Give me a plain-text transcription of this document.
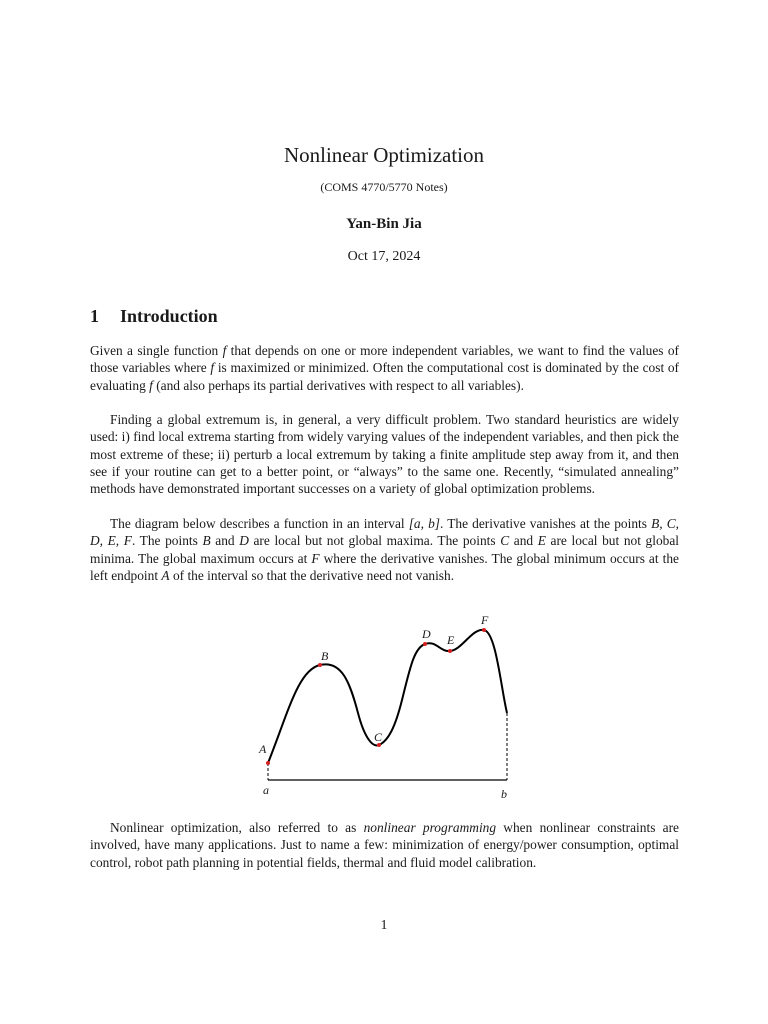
Nonlinear Optimization
(COMS 4770/5770 Notes)
Yan-Bin Jia
Oct 17, 2024
1 Introduction

Given a single function f that depends on one or more independent variables, we want to find the values of those variables where f is maximized or minimized. Often the computational cost is dominated by the cost of evaluating f (and also perhaps its partial derivatives with respect to all variables).

Finding a global extremum is, in general, a very difficult problem. Two standard heuristics are widely used: i) find local extrema starting from widely varying values of the independent variables, and then pick the most extreme of these; ii) perturb a local extremum by taking a finite amplitude step away from it, and then see if your routine can get to a better point, or “always” to the same one. Recently, “simulated annealing” methods have demonstrated important successes on a variety of global optimization problems.

The diagram below describes a function in an interval [a, b]. The derivative vanishes at the points B, C, D, E, F. The points B and D are local but not global maxima. The points C and E are local but not global minima. The global maximum occurs at F where the derivative vanishes. The global minimum occurs at the left endpoint A of the interval so that the derivative need not vanish.

A
B
C
D E
F
a	b

Nonlinear optimization, also referred to as nonlinear programming when nonlinear constraints are involved, have many applications. Just to name a few: minimization of energy/power consumption, optimal control, robot path planning in potential fields, thermal and fluid model calibration.

1
